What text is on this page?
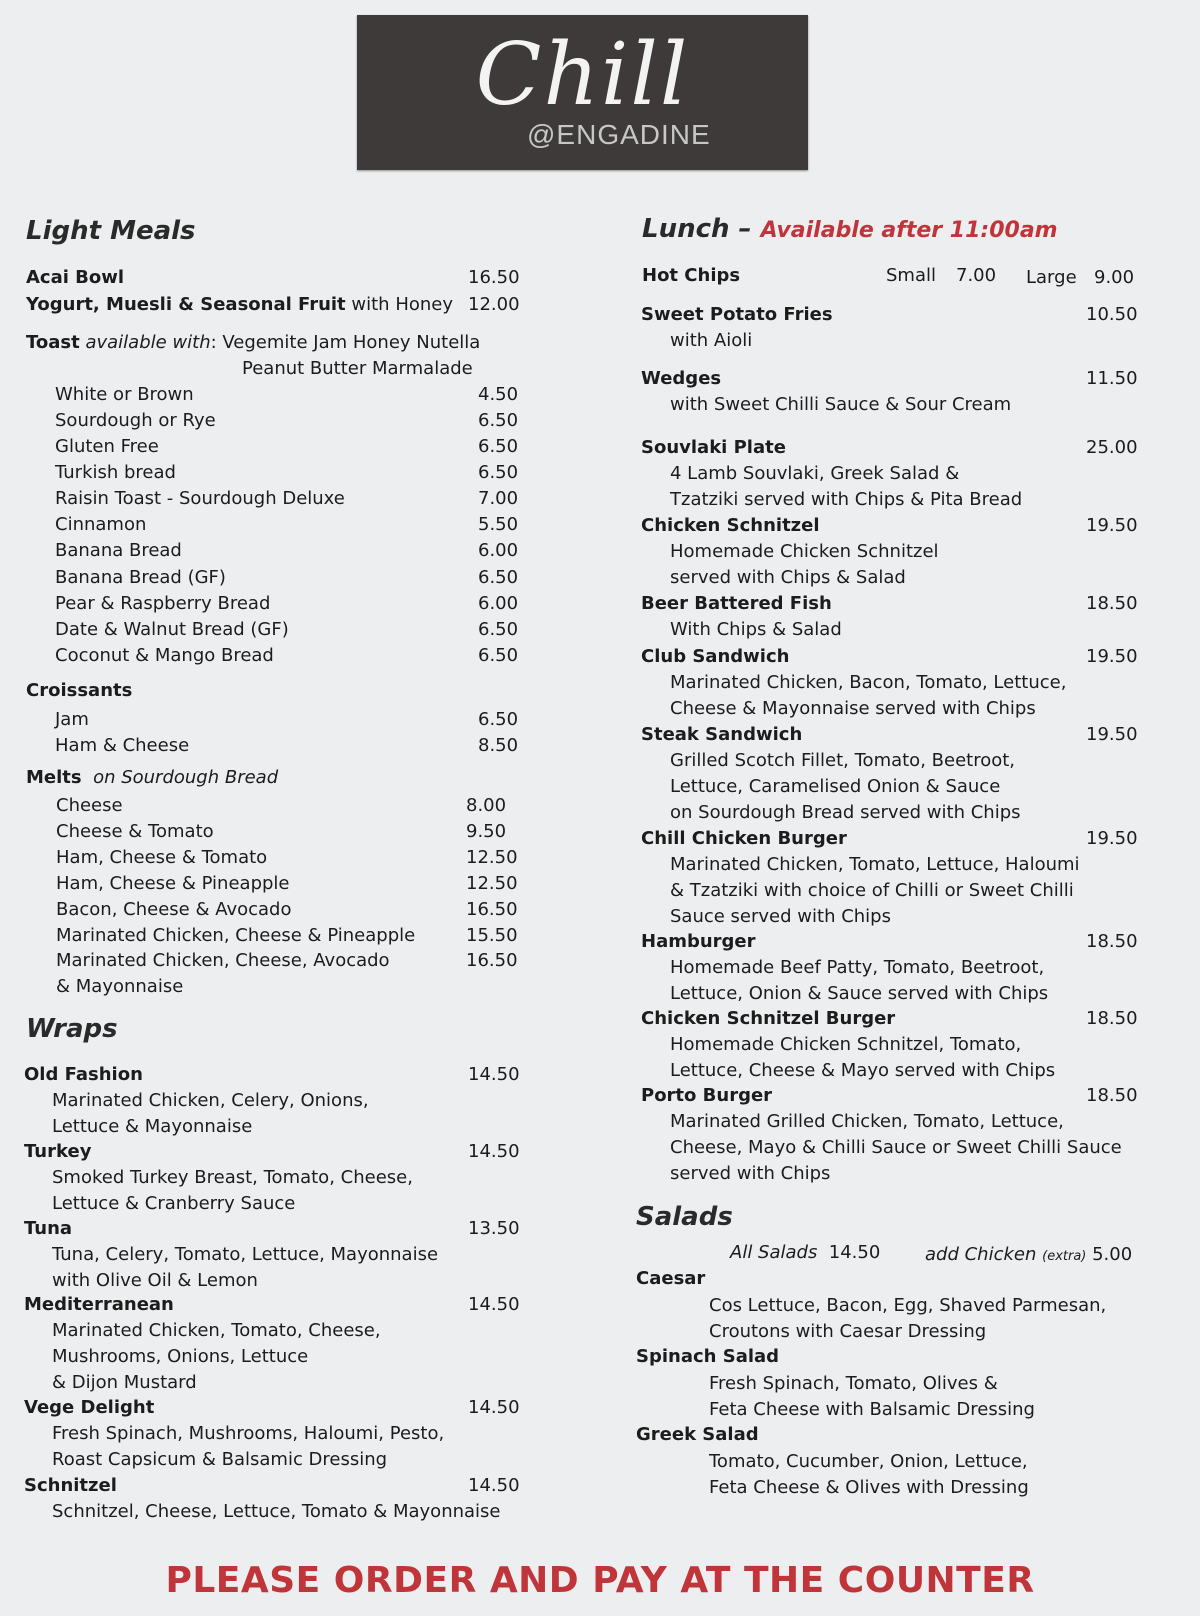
Chill
@ENGADINE
Light Meals
Acai Bowl	16.50
Yogurt, Muesli & Seasonal Fruit with Honey 12.00
Toast available with: Vegemite Jam Honey Nutella
Peanut Butter Marmalade
White or Brown	4.50
Sourdough or Rye	6.50
Gluten Free	6.50
Turkish bread	6.50
Raisin Toast - Sourdough Deluxe	7.00
Cinnamon	5.50
Banana Bread	6.00
Banana Bread (GF)	6.50
Pear & Raspberry Bread	6.00
Date & Walnut Bread (GF)	6.50
Coconut & Mango Bread	6.50
Croissants
Jam	6.50
Ham & Cheese	8.50
Melts on Sourdough Bread
Cheese	8.00
Cheese & Tomato	9.50
Ham, Cheese & Tomato	12.50
Ham, Cheese & Pineapple	12.50
Bacon, Cheese & Avocado	16.50
Marinated Chicken, Cheese & Pineapple	15.50
Marinated Chicken, Cheese, Avocado	16.50
& Mayonnaise
Wraps
Old Fashion	14.50
Marinated Chicken, Celery, Onions,
Lettuce & Mayonnaise
Turkey	14.50
Smoked Turkey Breast, Tomato, Cheese,
Lettuce & Cranberry Sauce
Tuna	13.50
Tuna, Celery, Tomato, Lettuce, Mayonnaise
with Olive Oil & Lemon
Mediterranean	14.50
Marinated Chicken, Tomato, Cheese,
Mushrooms, Onions, Lettuce
& Dijon Mustard
Vege Delight	14.50
Fresh Spinach, Mushrooms, Haloumi, Pesto,
Roast Capsicum & Balsamic Dressing
Schnitzel	14.50
Schnitzel, Cheese, Lettuce, Tomato & Mayonnaise
Lunch – Available after 11:00am
Hot Chips	Small 7.00 Large 9.00
Sweet Potato Fries	10.50
with Aioli
Wedges	11.50
with Sweet Chilli Sauce & Sour Cream
Souvlaki Plate	25.00
4 Lamb Souvlaki, Greek Salad &
Tzatziki served with Chips & Pita Bread
Chicken Schnitzel	19.50
Homemade Chicken Schnitzel
served with Chips & Salad
Beer Battered Fish	18.50
With Chips & Salad
Club Sandwich	19.50
Marinated Chicken, Bacon, Tomato, Lettuce,
Cheese & Mayonnaise served with Chips
Steak Sandwich	19.50
Grilled Scotch Fillet, Tomato, Beetroot,
Lettuce, Caramelised Onion & Sauce
on Sourdough Bread served with Chips
Chill Chicken Burger	19.50
Marinated Chicken, Tomato, Lettuce, Haloumi
& Tzatziki with choice of Chilli or Sweet Chilli
Sauce served with Chips
Hamburger	18.50
Homemade Beef Patty, Tomato, Beetroot,
Lettuce, Onion & Sauce served with Chips
Chicken Schnitzel Burger	18.50
Homemade Chicken Schnitzel, Tomato,
Lettuce, Cheese & Mayo served with Chips
Porto Burger	18.50
Marinated Grilled Chicken, Tomato, Lettuce,
Cheese, Mayo & Chilli Sauce or Sweet Chilli Sauce
served with Chips
Salads
All Salads 14.50 add Chicken (extra) 5.00
Caesar
Cos Lettuce, Bacon, Egg, Shaved Parmesan,
Croutons with Caesar Dressing
Spinach Salad
Fresh Spinach, Tomato, Olives &
Feta Cheese with Balsamic Dressing
Greek Salad
Tomato, Cucumber, Onion, Lettuce,
Feta Cheese & Olives with Dressing
PLEASE ORDER AND PAY AT THE COUNTER
